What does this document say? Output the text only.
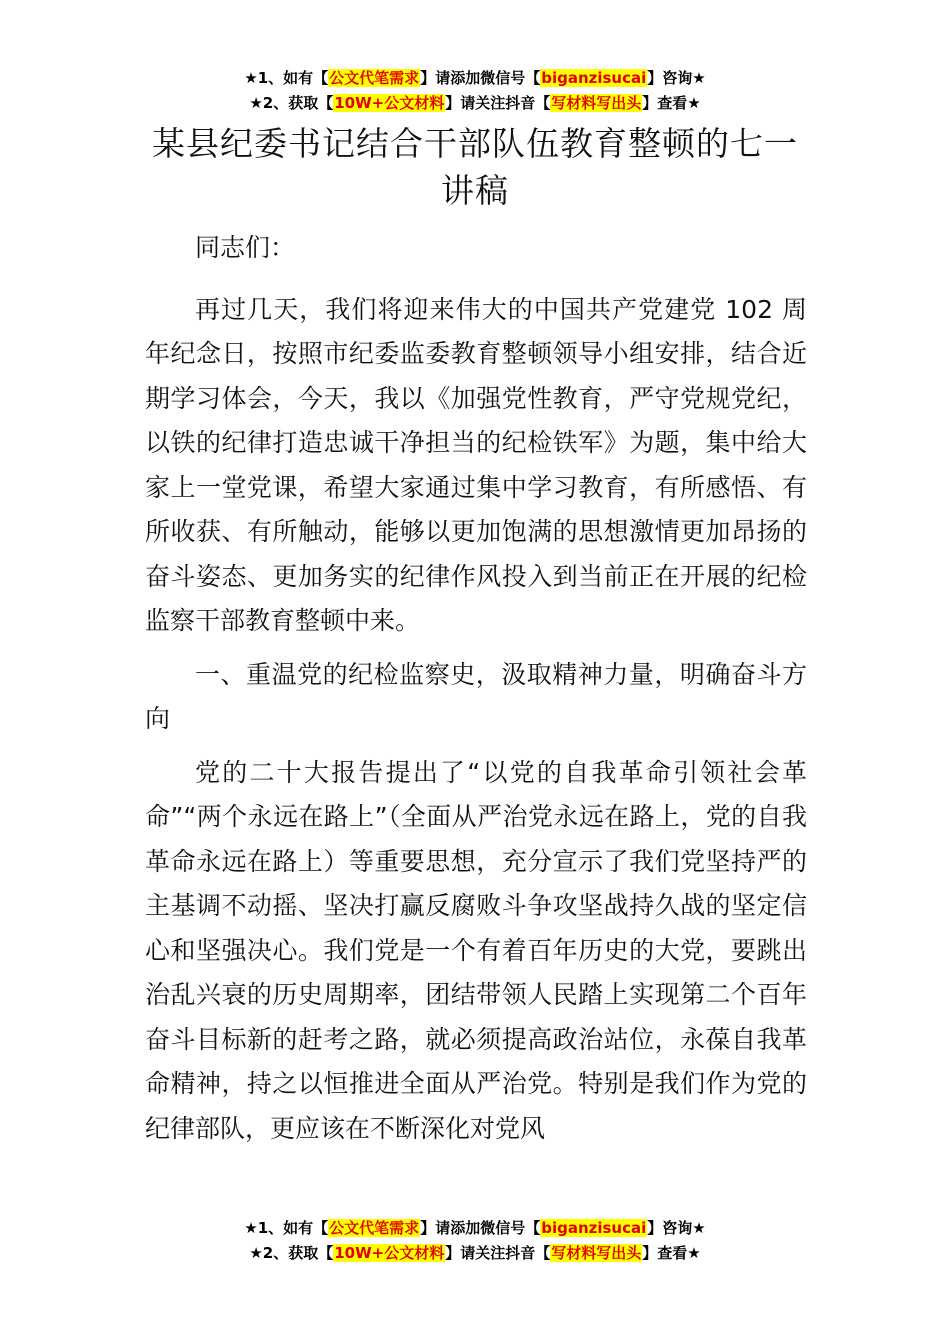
★1、如有【公文代笔需求】请添加微信号【biganzisucai】咨询★
★2、获取【10W+公文材料】请关注抖音【写材料写出头】查看★
某县纪委书记结合干部队伍教育整顿的七一讲稿

同志们：

再过几天，我们将迎来伟大的中国共产党建党 102 周年纪念日，按照市纪委监委教育整顿领导小组安排，结合近期学习体会，今天，我以《加强党性教育，严守党规党纪，以铁的纪律打造忠诚干净担当的纪检铁军》为题，集中给大家上一堂党课，希望大家通过集中学习教育，有所感悟、有所收获、有所触动，能够以更加饱满的思想激情更加昂扬的奋斗姿态、更加务实的纪律作风投入到当前正在开展的纪检监察干部教育整顿中来。

一、重温党的纪检监察史，汲取精神力量，明确奋斗方向

党的二十大报告提出了“以党的自我革命引领社会革命”“两个永远在路上”（全面从严治党永远在路上，党的自我革命永远在路上）等重要思想，充分宣示了我们党坚持严的主基调不动摇、坚决打赢反腐败斗争攻坚战持久战的坚定信心和坚强决心。我们党是一个有着百年历史的大党，要跳出治乱兴衰的历史周期率，团结带领人民踏上实现第二个百年奋斗目标新的赶考之路，就必须提高政治站位，永葆自我革命精神，持之以恒推进全面从严治党。特别是我们作为党的纪律部队，更应该在不断深化对党风

★1、如有【公文代笔需求】请添加微信号【biganzisucai】咨询★
★2、获取【10W+公文材料】请关注抖音【写材料写出头】查看★
